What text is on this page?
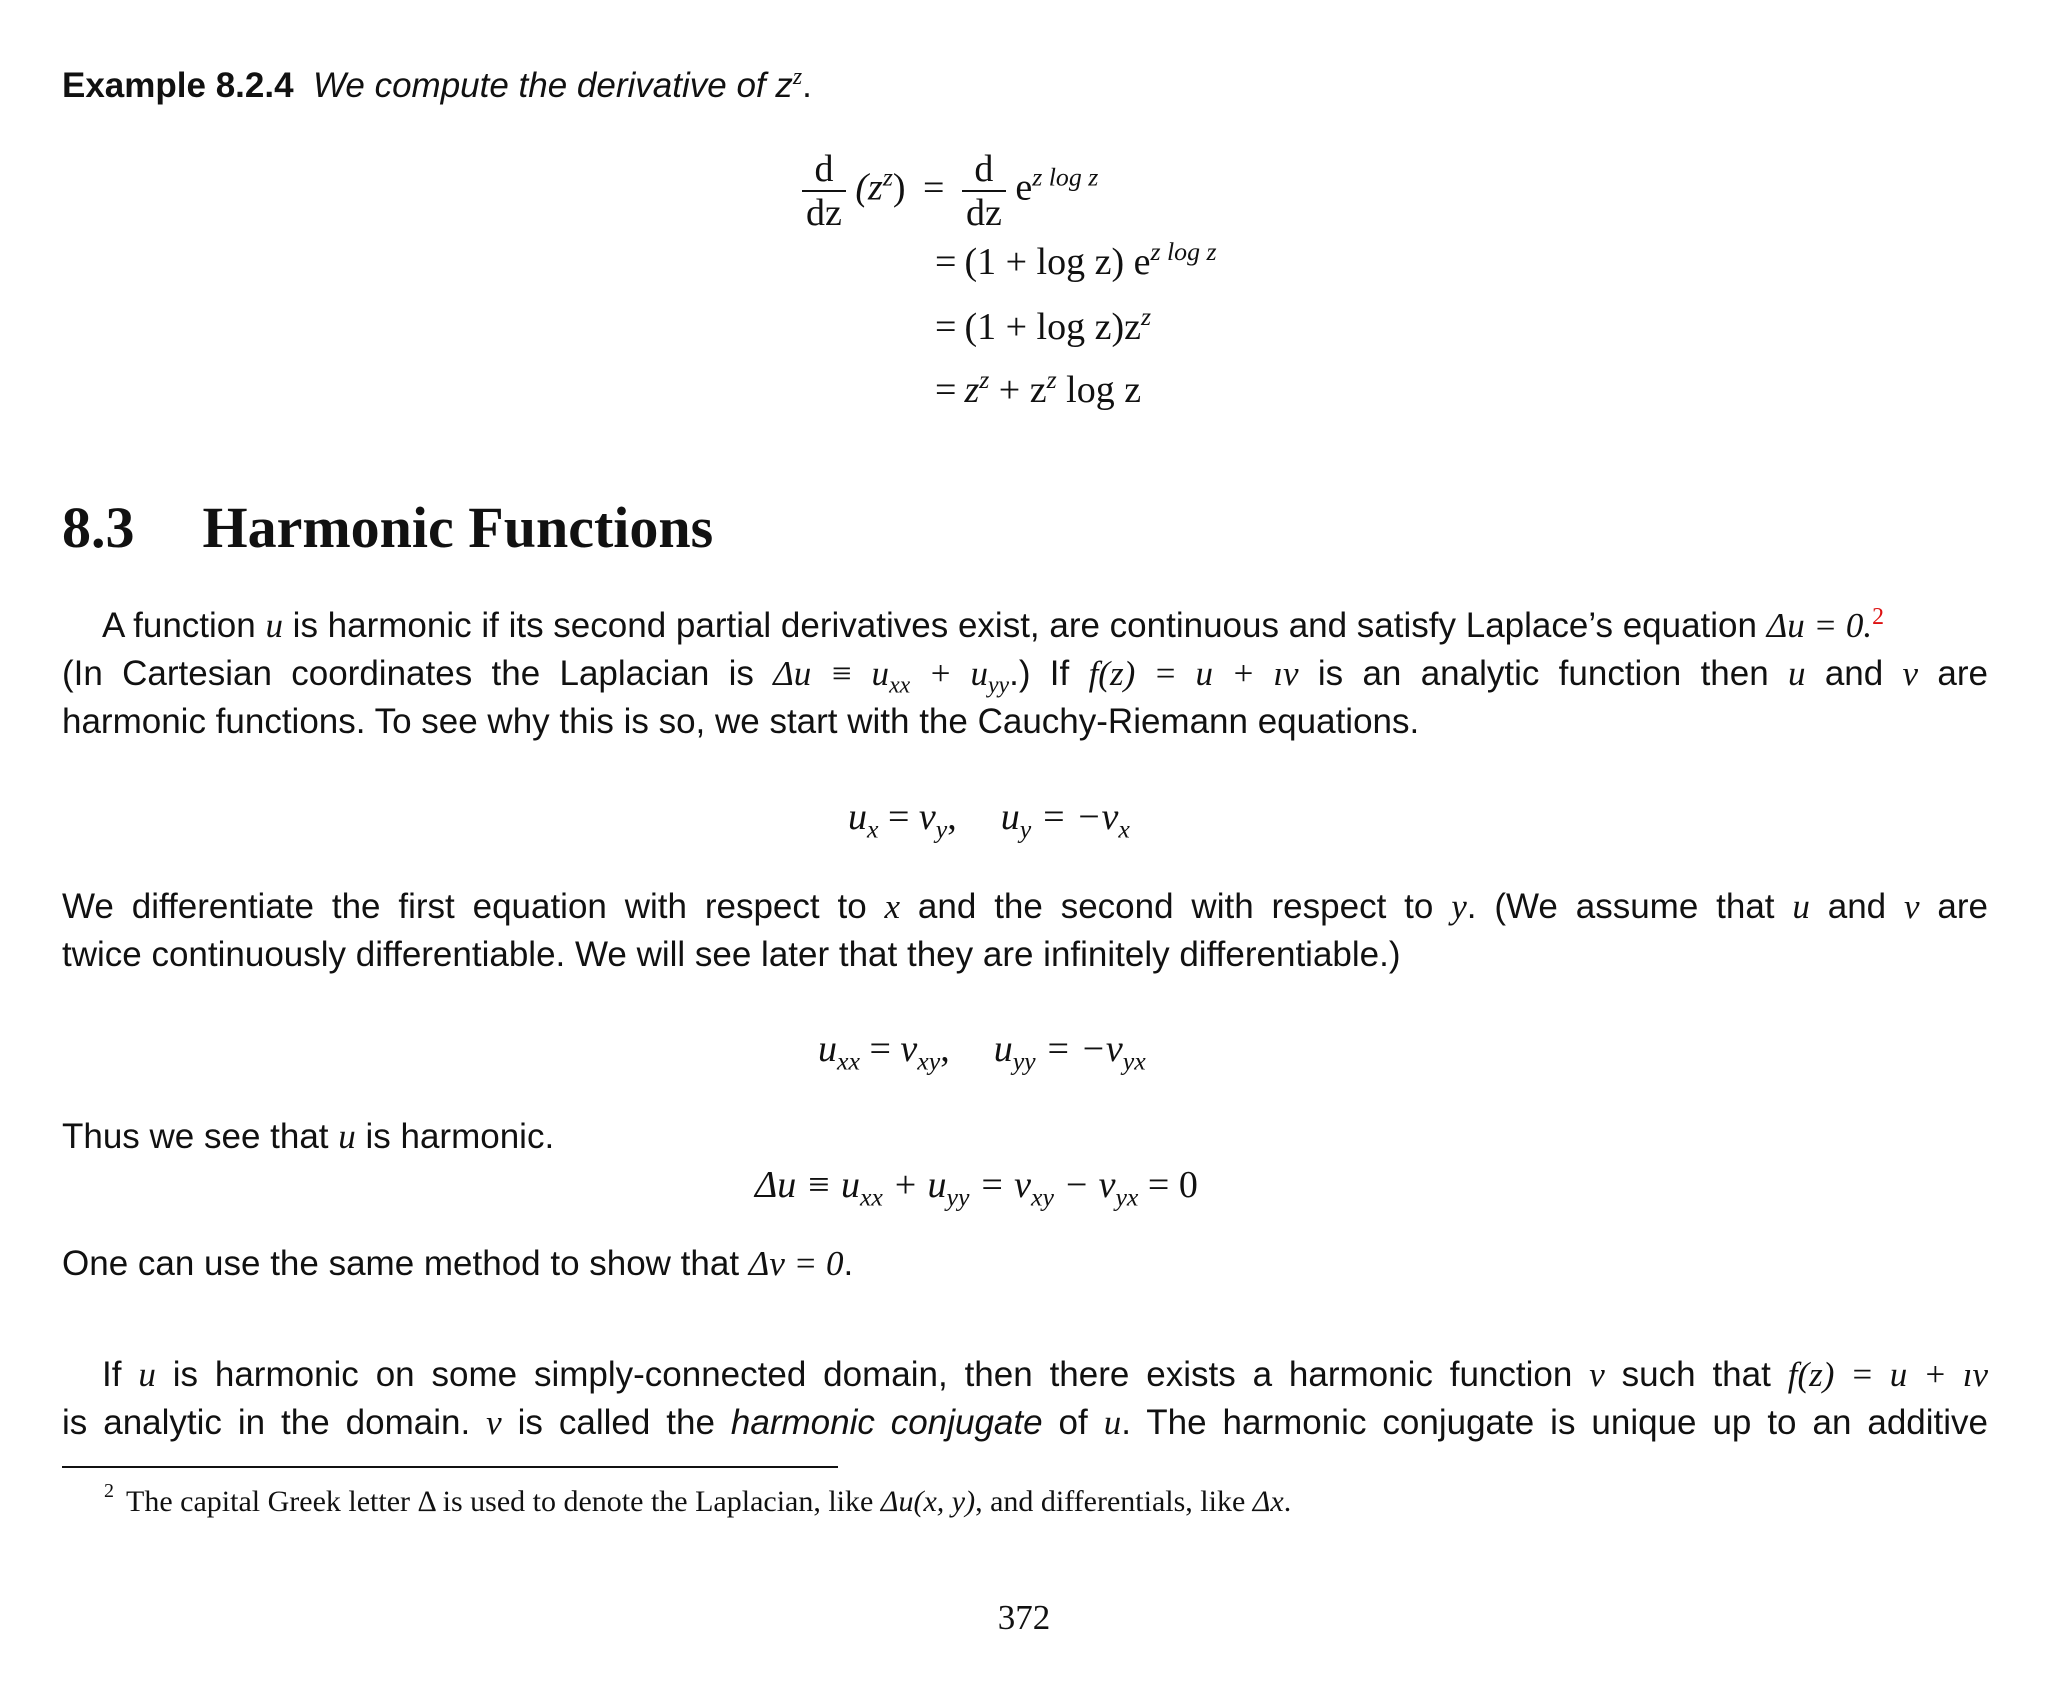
Example 8.2.4 We compute the derivative of $z^z$.
$\frac{d}{dz} (z^z) = \frac{d}{dz} e^{z log z}$
= (1 + log z) $e^{z log z}$
= $(1 + \log z)z^z$
= $z^z + z^z$ log z
8.3 Harmonic Functions
A function u is harmonic if its second partial derivatives exist, are continuous and satisfy Laplace’s equation Δu = 0.$^2$
(In Cartesian coordinates the Laplacian is $\Delta u \equiv u_{xx} + u_{yy}$.) If f(z) = u + ıv is an analytic function then u and v are
harmonic functions. To see why this is so, we start with the Cauchy-Riemann equations.
$u_x = v_y$, $u_y = -v_x$
We differentiate the first equation with respect to x and the second with respect to y. (We assume that u and v are
twice continuously differentiable. We will see later that they are infinitely differentiable.)
$u_{xx} = v_{xy}$, $u_{yy} = -v_{yx}$
Thus we see that u is harmonic.
$\Delta u \equiv u_{xx} + u_{yy} = v_{xy} - v_{yx} = 0$
One can use the same method to show that Δv = 0.
If u is harmonic on some simply-connected domain, then there exists a harmonic function v such that f(z) = u + ıv
is analytic in the domain. v is called the harmonic conjugate of u. The harmonic conjugate is unique up to an additive
$^2$ The capital Greek letter Δ is used to denote the Laplacian, like Δu(x, y), and differentials, like Δx.
372
